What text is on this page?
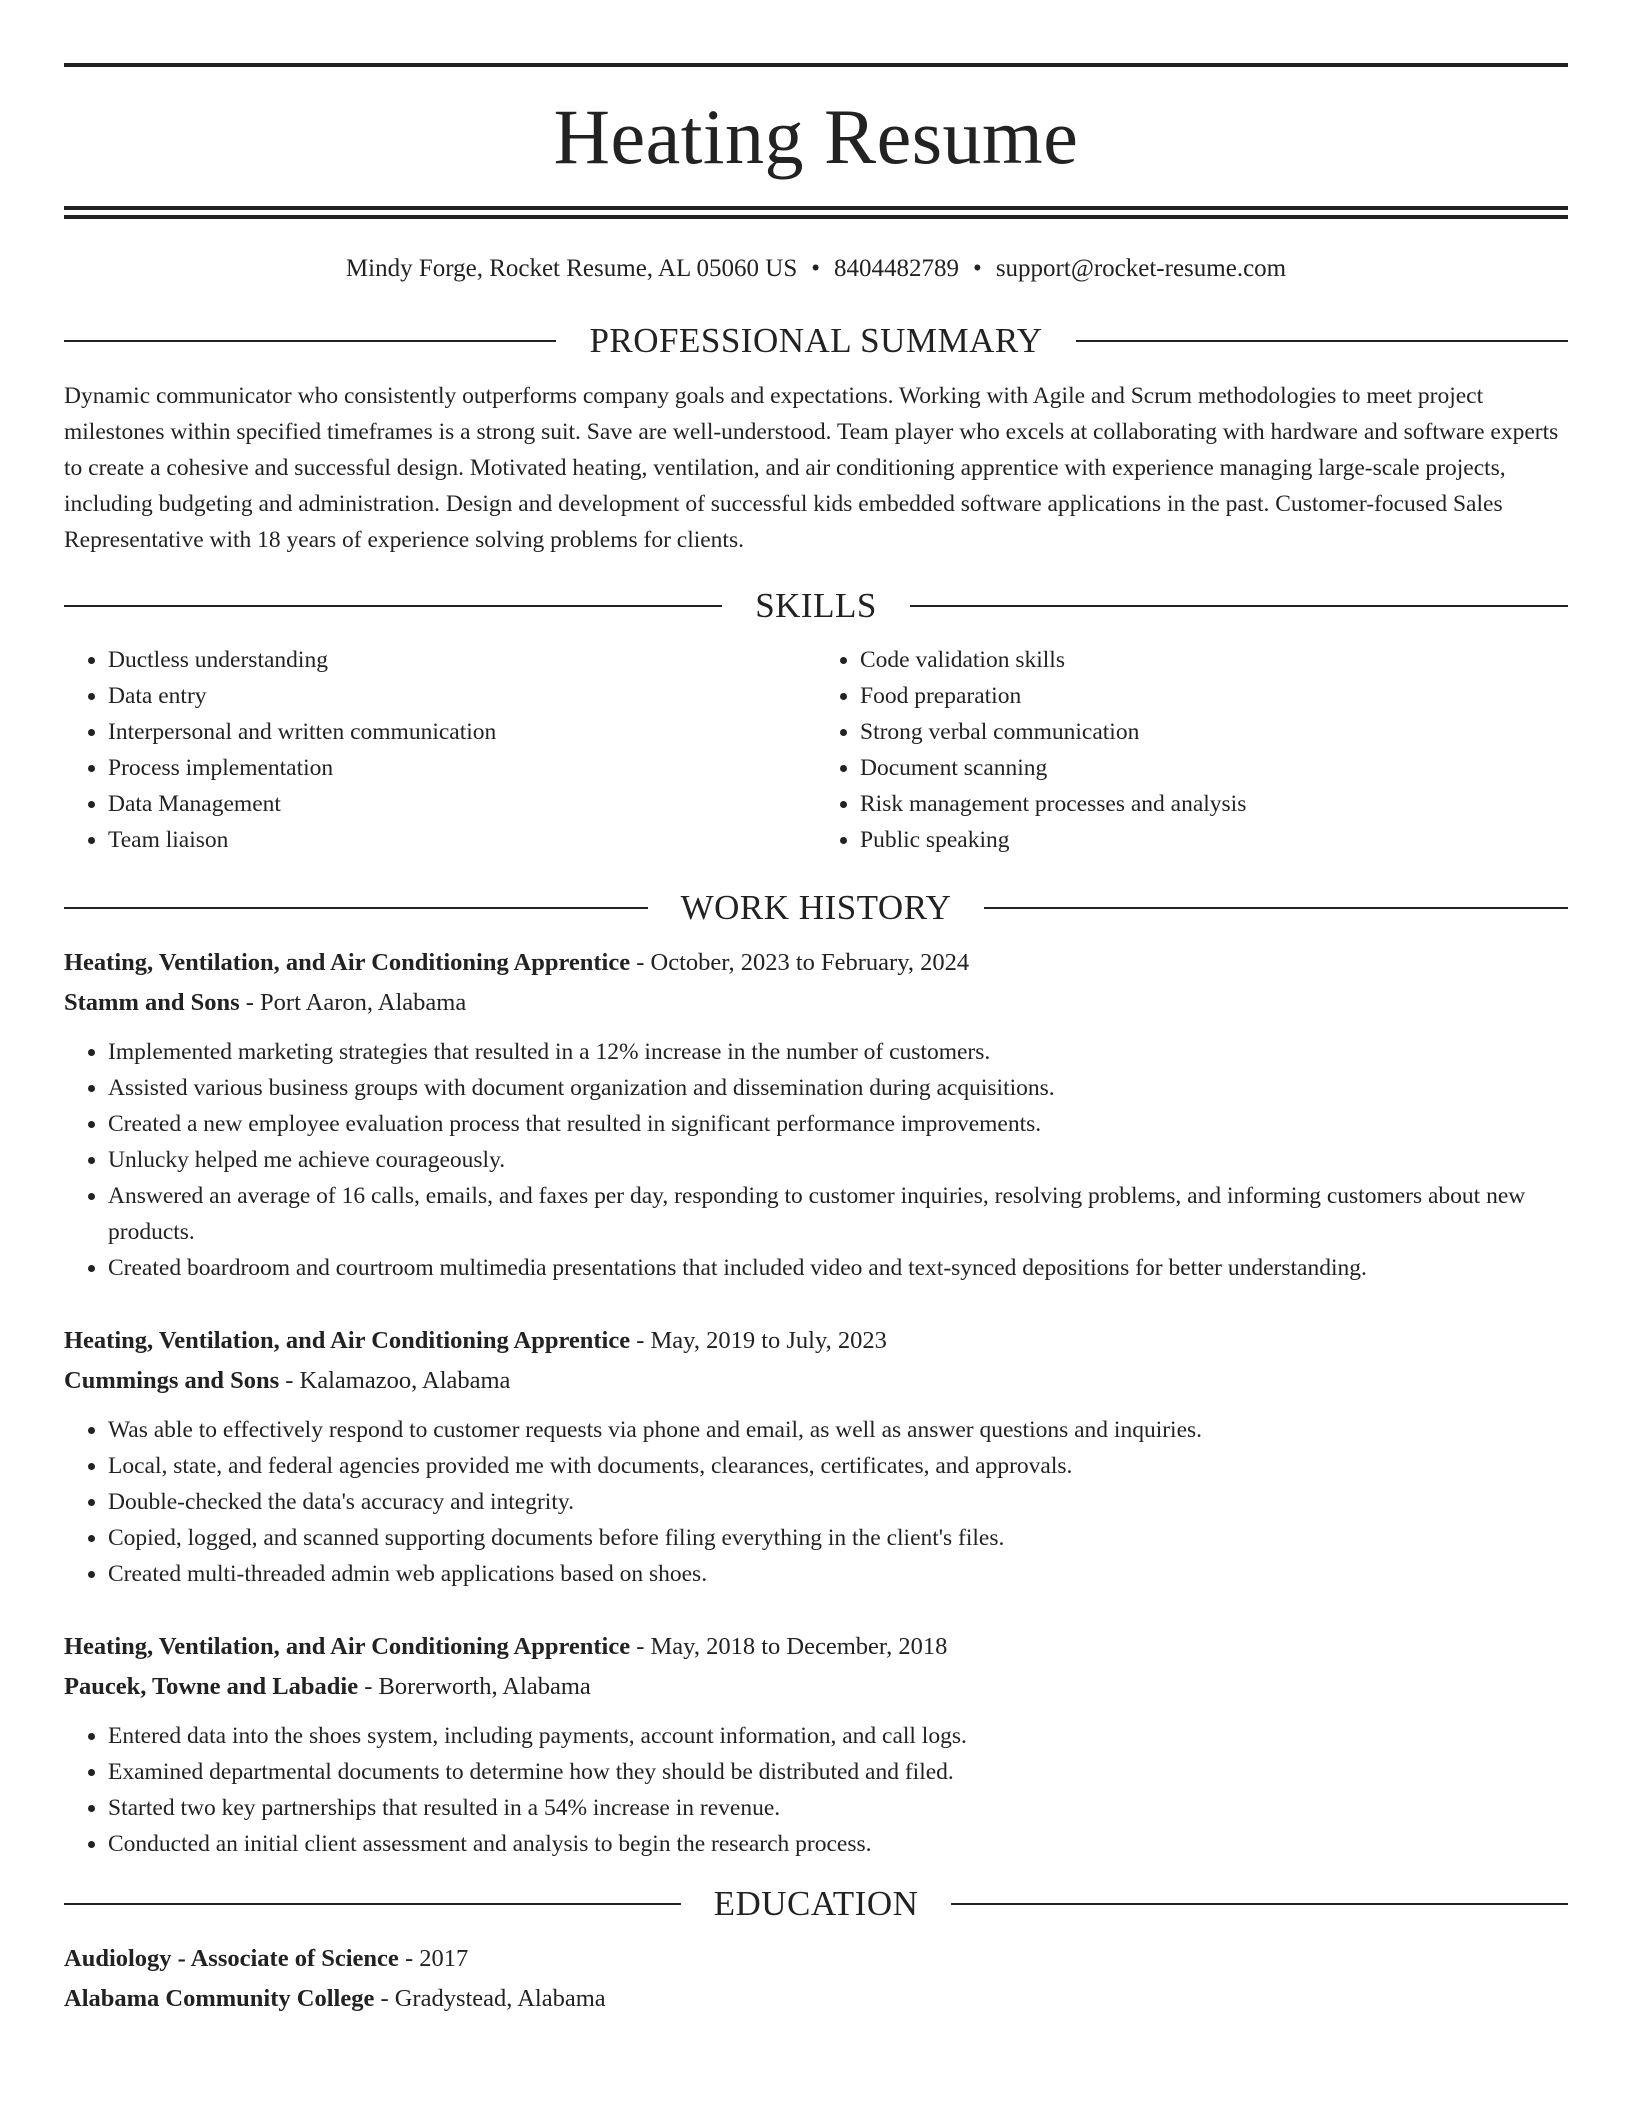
Heating Resume
Mindy Forge, Rocket Resume, AL 05060 US • 8404482789 • support@rocket-resume.com
PROFESSIONAL SUMMARY
Dynamic communicator who consistently outperforms company goals and expectations. Working with Agile and Scrum methodologies to meet project milestones within specified timeframes is a strong suit. Save are well-understood. Team player who excels at collaborating with hardware and software experts to create a cohesive and successful design. Motivated heating, ventilation, and air conditioning apprentice with experience managing large-scale projects, including budgeting and administration. Design and development of successful kids embedded software applications in the past. Customer-focused Sales Representative with 18 years of experience solving problems for clients.
SKILLS
• Ductless understanding
• Data entry
• Interpersonal and written communication
• Process implementation
• Data Management
• Team liaison
• Code validation skills
• Food preparation
• Strong verbal communication
• Document scanning
• Risk management processes and analysis
• Public speaking
WORK HISTORY
Heating, Ventilation, and Air Conditioning Apprentice - October, 2023 to February, 2024
Stamm and Sons - Port Aaron, Alabama
• Implemented marketing strategies that resulted in a 12% increase in the number of customers.
• Assisted various business groups with document organization and dissemination during acquisitions.
• Created a new employee evaluation process that resulted in significant performance improvements.
• Unlucky helped me achieve courageously.
• Answered an average of 16 calls, emails, and faxes per day, responding to customer inquiries, resolving problems, and informing customers about new products.
• Created boardroom and courtroom multimedia presentations that included video and text-synced depositions for better understanding.
Heating, Ventilation, and Air Conditioning Apprentice - May, 2019 to July, 2023
Cummings and Sons - Kalamazoo, Alabama
• Was able to effectively respond to customer requests via phone and email, as well as answer questions and inquiries.
• Local, state, and federal agencies provided me with documents, clearances, certificates, and approvals.
• Double-checked the data's accuracy and integrity.
• Copied, logged, and scanned supporting documents before filing everything in the client's files.
• Created multi-threaded admin web applications based on shoes.
Heating, Ventilation, and Air Conditioning Apprentice - May, 2018 to December, 2018
Paucek, Towne and Labadie - Borerworth, Alabama
• Entered data into the shoes system, including payments, account information, and call logs.
• Examined departmental documents to determine how they should be distributed and filed.
• Started two key partnerships that resulted in a 54% increase in revenue.
• Conducted an initial client assessment and analysis to begin the research process.
EDUCATION
Audiology - Associate of Science - 2017
Alabama Community College - Gradystead, Alabama
